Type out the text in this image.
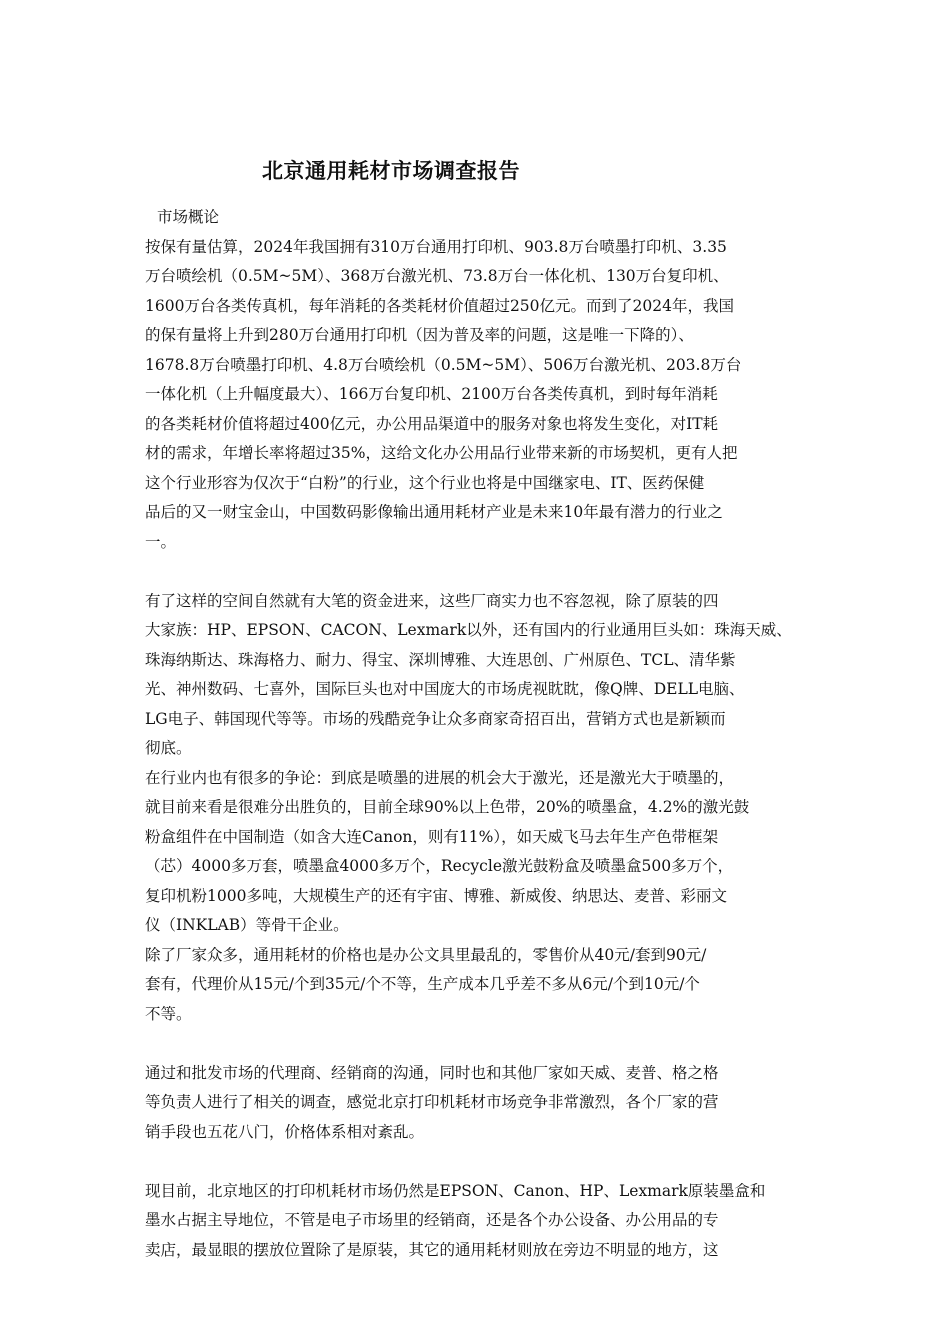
北京通用耗材市场调查报告
市场概论
按保有量估算，2024年我国拥有310万台通用打印机、903.8万台喷墨打印机、3.35
万台喷绘机（0.5M~5M）、368万台激光机、73.8万台一体化机、130万台复印机、
1600万台各类传真机，每年消耗的各类耗材价值超过250亿元。而到了2024年，我国
的保有量将上升到280万台通用打印机（因为普及率的问题，这是唯一下降的）、
1678.8万台喷墨打印机、4.8万台喷绘机（0.5M~5M）、506万台激光机、203.8万台
一体化机（上升幅度最大）、166万台复印机、2100万台各类传真机，到时每年消耗
的各类耗材价值将超过400亿元，办公用品渠道中的服务对象也将发生变化，对IT耗
材的需求，年增长率将超过35%，这给文化办公用品行业带来新的市场契机，更有人把
这个行业形容为仅次于“白粉”的行业，这个行业也将是中国继家电、IT、医药保健
品后的又一财宝金山，中国数码影像输出通用耗材产业是未来10年最有潜力的行业之
一。
有了这样的空间自然就有大笔的资金进来，这些厂商实力也不容忽视，除了原装的四
大家族：HP、EPSON、CACON、Lexmark以外，还有国内的行业通用巨头如：珠海天威、
珠海纳斯达、珠海格力、耐力、得宝、深圳博雅、大连思创、广州原色、TCL、清华紫
光、神州数码、七喜外，国际巨头也对中国庞大的市场虎视眈眈，像Q牌、DELL电脑、
LG电子、韩国现代等等。市场的残酷竞争让众多商家奇招百出，营销方式也是新颖而
彻底。
在行业内也有很多的争论：到底是喷墨的进展的机会大于激光，还是激光大于喷墨的，
就目前来看是很难分出胜负的，目前全球90%以上色带，20%的喷墨盒，4.2%的激光鼓
粉盒组件在中国制造（如含大连Canon，则有11%），如天威飞马去年生产色带框架
（芯）4000多万套，喷墨盒4000多万个，Recycle激光鼓粉盒及喷墨盒500多万个，
复印机粉1000多吨，大规模生产的还有宇宙、博雅、新威俊、纳思达、麦普、彩丽文
仪（INKLAB）等骨干企业。
除了厂家众多，通用耗材的价格也是办公文具里最乱的，零售价从40元/套到90元/
套有，代理价从15元/个到35元/个不等，生产成本几乎差不多从6元/个到10元/个
不等。
通过和批发市场的代理商、经销商的沟通，同时也和其他厂家如天威、麦普、格之格
等负责人进行了相关的调查，感觉北京打印机耗材市场竞争非常激烈，各个厂家的营
销手段也五花八门，价格体系相对紊乱。
现目前，北京地区的打印机耗材市场仍然是EPSON、Canon、HP、Lexmark原装墨盒和
墨水占据主导地位，不管是电子市场里的经销商，还是各个办公设备、办公用品的专
卖店，最显眼的摆放位置除了是原装，其它的通用耗材则放在旁边不明显的地方，这
